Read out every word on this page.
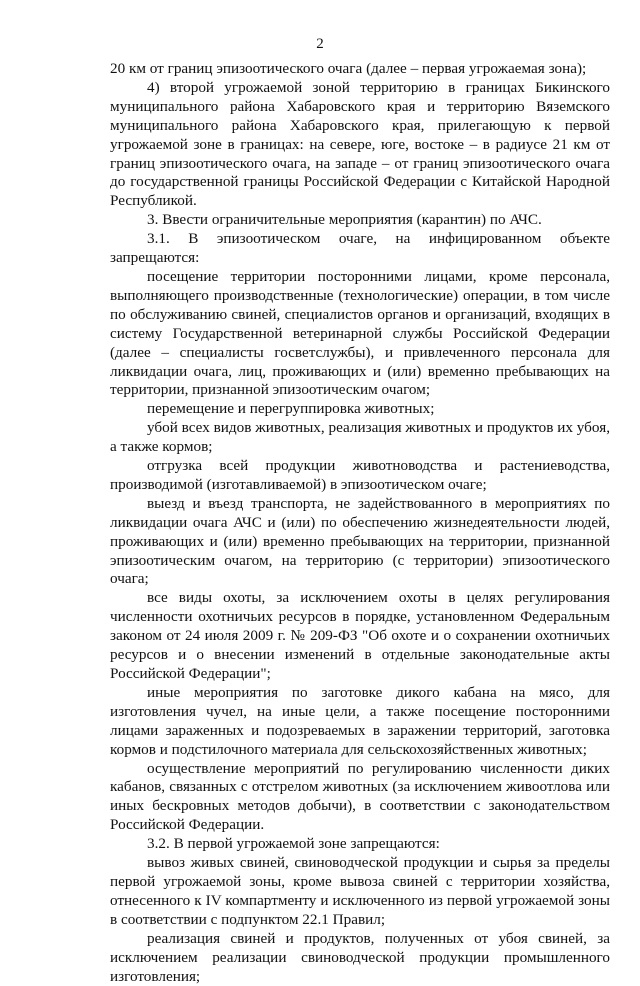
2

20 км от границ эпизоотического очага (далее – первая угрожаемая зона);

4) второй угрожаемой зоной территорию в границах Бикинского муниципального района Хабаровского края и территорию Вяземского муниципального района Хабаровского края, прилегающую к первой угрожаемой зоне в границах: на севере, юге, востоке – в радиусе 21 км от границ эпизоотического очага, на западе – от границ эпизоотического очага до государственной границы Российской Федерации с Китайской Народной Республикой.

3. Ввести ограничительные мероприятия (карантин) по АЧС.

3.1. В эпизоотическом очаге, на инфицированном объекте запрещаются:

посещение территории посторонними лицами, кроме персонала, выполняющего производственные (технологические) операции, в том числе по обслуживанию свиней, специалистов органов и организаций, входящих в систему Государственной ветеринарной службы Российской Федерации (далее – специалисты госветслужбы), и привлеченного персонала для ликвидации очага, лиц, проживающих и (или) временно пребывающих на территории, признанной эпизоотическим очагом;

перемещение и перегруппировка животных;

убой всех видов животных, реализация животных и продуктов их убоя, а также кормов;

отгрузка всей продукции животноводства и растениеводства, производимой (изготавливаемой) в эпизоотическом очаге;

выезд и въезд транспорта, не задействованного в мероприятиях по ликвидации очага АЧС и (или) по обеспечению жизнедеятельности людей, проживающих и (или) временно пребывающих на территории, признанной эпизоотическим очагом, на территорию (с территории) эпизоотического очага;

все виды охоты, за исключением охоты в целях регулирования численности охотничьих ресурсов в порядке, установленном Федеральным законом от 24 июля 2009 г. № 209-ФЗ "Об охоте и о сохранении охотничьих ресурсов и о внесении изменений в отдельные законодательные акты Российской Федерации";

иные мероприятия по заготовке дикого кабана на мясо, для изготовления чучел, на иные цели, а также посещение посторонними лицами зараженных и подозреваемых в заражении территорий, заготовка кормов и подстилочного материала для сельскохозяйственных животных;

осуществление мероприятий по регулированию численности диких кабанов, связанных с отстрелом животных (за исключением живоотлова или иных бескровных методов добычи), в соответствии с законодательством Российской Федерации.

3.2. В первой угрожаемой зоне запрещаются:

вывоз живых свиней, свиноводческой продукции и сырья за пределы первой угрожаемой зоны, кроме вывоза свиней с территории хозяйства, отнесенного к IV компартменту и исключенного из первой угрожаемой зоны в соответствии с подпунктом 22.1 Правил;

реализация свиней и продуктов, полученных от убоя свиней, за исключением реализации свиноводческой продукции промышленного изготовления;
